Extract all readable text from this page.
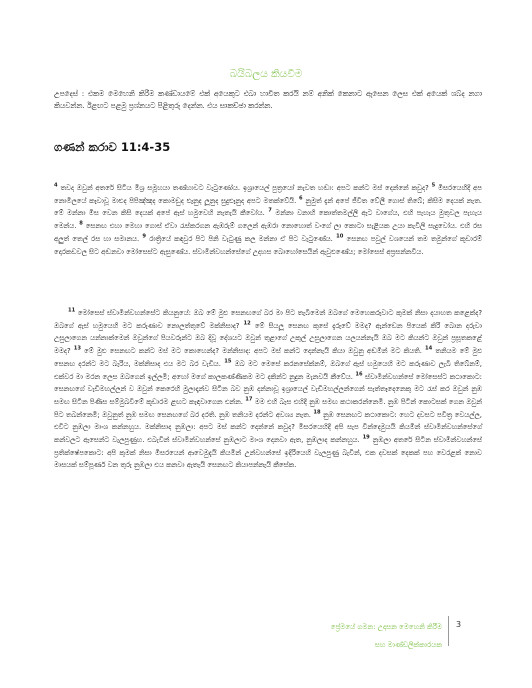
බයිබලය කියවීම
උපදෙස් : එකම මෙහෙනි කිරීම කණ්ඩායමේ එක් අයෙකුට එබා හාවිත කරයි නම් අනික් කෙනාට ඇසෙන ලෙස එක් අයෙක් ශබ්ද නගා කියවන්න. ඊළඟට පළමු ප්‍රශ්නයට පිළිතුරු දෙන්න. එය සාකච්ඡා කරන්න.
ගණන් කරාව 11:4-35

$^4$ තවද ඔවුන් අතරේ සිටිය මිශ්‍ර සමූහයා තණ්හාවට වැටුණෝය. ඉශ්‍රායෙල් පුත්‍රයෝ නැවත හඬා: අපට කන්ට මස් දෙන්නේ කවුද? $^5$ මිසරයෙහිදී අප නොමිලයේ කෑවාවූ මාළුද පිපිඤ්ඤද කොමඩුද ළූනුද ලූනුද සුදුළූනුද අපට මතක්වේයි. $^6$ නුමුත් දැන් අපේ ජීවිත වේලී ගොස් තිබේ; කිසිම දෙයක් නැත. මේ මන්නා මිස වෙන කිසි දෙයක් අපේ ඇස් හමුවෙහි නැතැයි කීවෝය. $^7$ මන්නා වනාහි කොත්තමල්ලි ඇට වාගේය, එහි පැහැය මුතුවල පැහැය මෙන්ය. $^8$ සෙනඟ එහා මෙහා ගොස් ඒවා රැස්කරගන ඇඹරුම් ගලෙන් ඇඹරා නොහොත් වංගේ ලා කොටා සැළියක උයා කැවිලි සැදුවෝය. එහි රස අලුත් තෙල් රස හා සමානය. $^9$ රාත්‍රියේ කඳවුර පිට පිනි වැටුණු කල මන්නා ඒ පිට වැටුණේය. $^{10}$ සෙනඟ පවුල් වශයෙන් තම තමුන්ගේ කූඩාරම් දොරකඩවල සිට අඬනවා මෝසෙස්ට ඇසුණේය. ස්වාමීන්වහන්සේගේ උදහස බොහෝසෙයින් ඇවුළුණේය; මෝසෙස් අප්‍රසන්නවිය.

$^{11}$ මෝසෙස් ස්වාමීන්වහන්සේට කියනුයේ: ඔබ මේ මුළු සෙනඟගේ බර මා පිට තැබීමෙන් ඔබගේ මෙහෙකරුවාට කුමක් නිසා දයාහත කළෙක්ද? ඔබගේ ඇස් හමුයෙහි මට කරුණාව නොලත්තුවේ මක්නිසාද? $^{12}$ මේ සියලූ සෙනඟ කුසේ දැරුවේ මමද? ඇන්ඩෙන පියෙක් කිරි බොන දරුවා උසුලාගෙන යන්නාක්මෙන් ඔවුන්ගේ පියවරුන්ට ඔබ දිවූ දේශයට ඔවුන් තුළාගේ උකුල් උසුලාගෙන යලයන්නැයි ඔබ මට කියන්ට ඔවුන් ප්‍රසූතකළේ මමද? $^{13}$ මේ මුළු සෙනඟට කන්ට මස් මට කොහෙන්ද? මන්නිසාද: අපට මස් කන්ට දෙන්නැයි කියා ඔවුනු අඬමින් මට කියති. $^{14}$ තනියම මේ මුළු සෙනඟ දරන්ට මට බැරිය, මක්නිසාද එය මට බර වැඩිය. $^{15}$ ඔබ මට මෙසේ කරනසේක්නම්, ඔබගේ ඇස් හමුයෙහි මට කරුණාව ලැබී තිබේනම්, එක්වර මා මරන ලෙස ඔබගෙන් ඉල්ලමි; අහෝ මගේ කාලකණ්ණිකම මට දකින්ට නුදුන මැනවයි කීවේය. $^{16}$ ස්වාමීන්වහන්සේ මෝසෙස්ට කථාකොට: සෙනඟගේ වැඩිමහල්ලන් ව ඔවුන් කෙරෙහි මුලාදෑන්ව සිටින බව නුඹ දන්නාවූ ඉශ්‍රායෙල් වැඩිමහල්ලන්ගෙන් සැත්තෑදෙනෙකු මට රැස් කර ඔවුන් නුඹ සමඟ සිටින පිණිස සම්මුඛවීමේ කූඩාරම ළඟට කැඳවාගෙන එන්න. $^{17}$ මම එහි බැස එහිදී නුඹ සමඟ කථාකරන්නෙමි. නුඹ පිටින් කොටසක් ගෙන ඔවුන් පිට තබන්නෙමි; ඔවුනුත් නුඹ සමඟ සෙනඟගේ බර දරති. නුඹ තනියම දරන්ට අවශ්‍ය නැත. $^{18}$ නුඹ සෙනඟට කථාකොට: හෙට දවසට පවිත්‍ර වෙයල්ල, එවිට නුඹලා මාංශ කන්නහුය. මක්නිසාද නුඹලා: අපට මස් කන්ට දෙන්නේ කවුද? මිසරයෙහිදී අපි සැප වින්දෙමුයයි කියමින් ස්වාමීන්වහන්සේගේ කන්වලට ඇසෙන්ට වැලපුණුහ. එබැවින් ස්වාමීන්වහන්සේ නුඹලාට මාංශ දෙනවා ඇත, නුඹලාද කන්නහුය. $^{19}$ නුඹලා අතරේ සිටින ස්වාමීන්වහන්සේ ප්‍රතික්ෂේපකොට: අපි කුමක් නිසා මිසරයෙන් ආවෙමුදැයි කියමින් උන්වහන්සේ ඉදිරියෙහි වැලපුණු බැවින්, එක දවසක් දෙකක් පහ වෙරළක් නොව මාසයක් සම්පූර්ණ වන තුරු නුඹලා එය කනවා ඇතැයි සෙනඟට කියාපන්නැයි කීසේක.

ප්‍රේමයේ ගමන: උදාසන මෙහෙනි කිරීම
සහ මාණ්ඩලික්කාරයක
3
